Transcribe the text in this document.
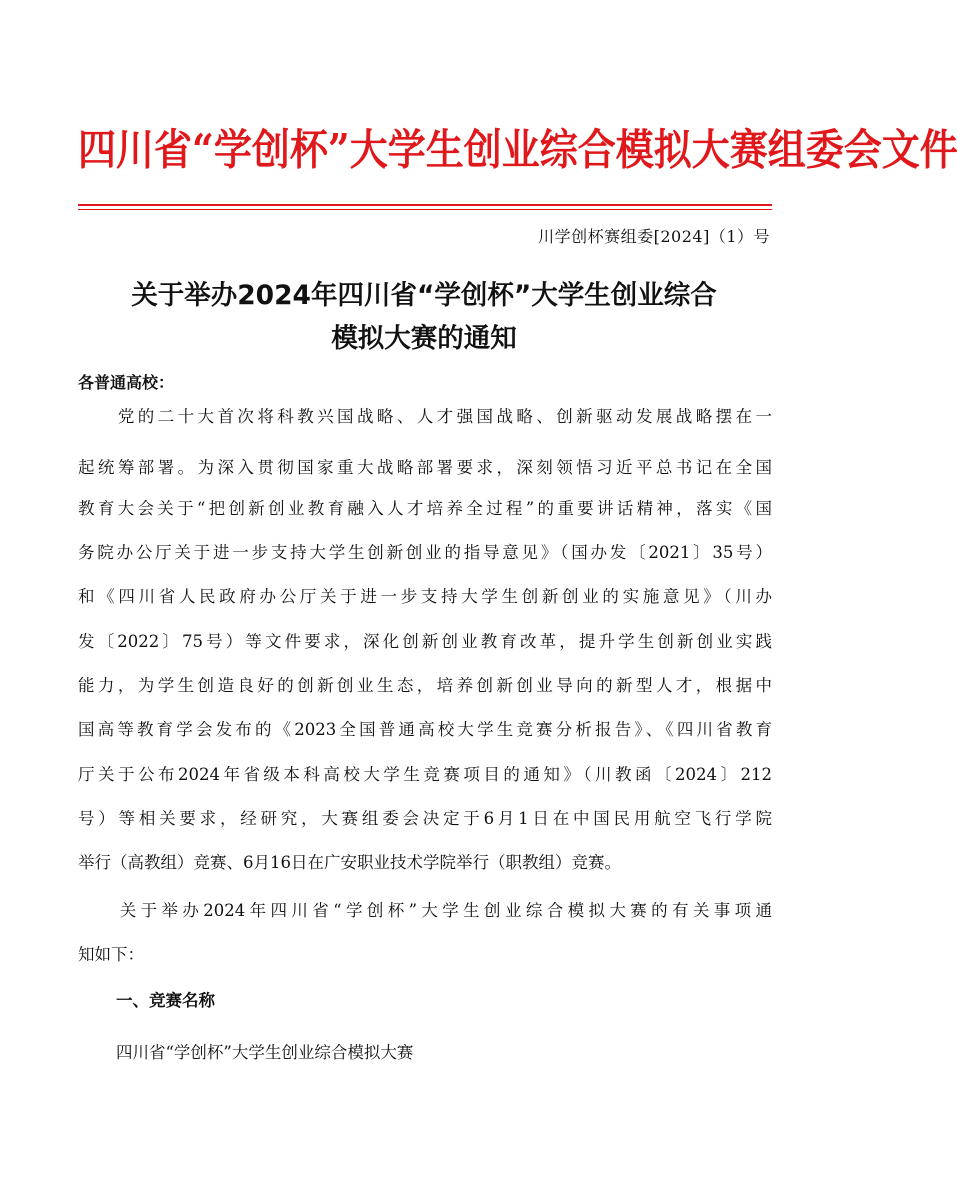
四川省“学创杯”大学生创业综合模拟大赛组委会文件
川学创杯赛组委[2024]（1）号
关于举办2024年四川省“学创杯”大学生创业综合
模拟大赛的通知
各普通高校：
　　党的二十大首次将科教兴国战略、人才强国战略、创新驱动发展战略摆在一
起统筹部署。为深入贯彻国家重大战略部署要求，深刻领悟习近平总书记在全国
教育大会关于“把创新创业教育融入人才培养全过程”的重要讲话精神，落实《国
务院办公厅关于进一步支持大学生创新创业的指导意见》（国办发〔2021〕35号）
和《四川省人民政府办公厅关于进一步支持大学生创新创业的实施意见》（川办
发〔2022〕75号）等文件要求，深化创新创业教育改革，提升学生创新创业实践
能力，为学生创造良好的创新创业生态，培养创新创业导向的新型人才，根据中
国高等教育学会发布的《2023全国普通高校大学生竞赛分析报告》、《四川省教育
厅关于公布2024年省级本科高校大学生竞赛项目的通知》（川教函〔2024〕212
号）等相关要求，经研究，大赛组委会决定于6月1日在中国民用航空飞行学院
举行（高教组）竞赛、6月16日在广安职业技术学院举行（职教组）竞赛。
　　关于举办2024年四川省“学创杯”大学生创业综合模拟大赛的有关事项通
知如下：
一、竞赛名称
四川省“学创杯”大学生创业综合模拟大赛
